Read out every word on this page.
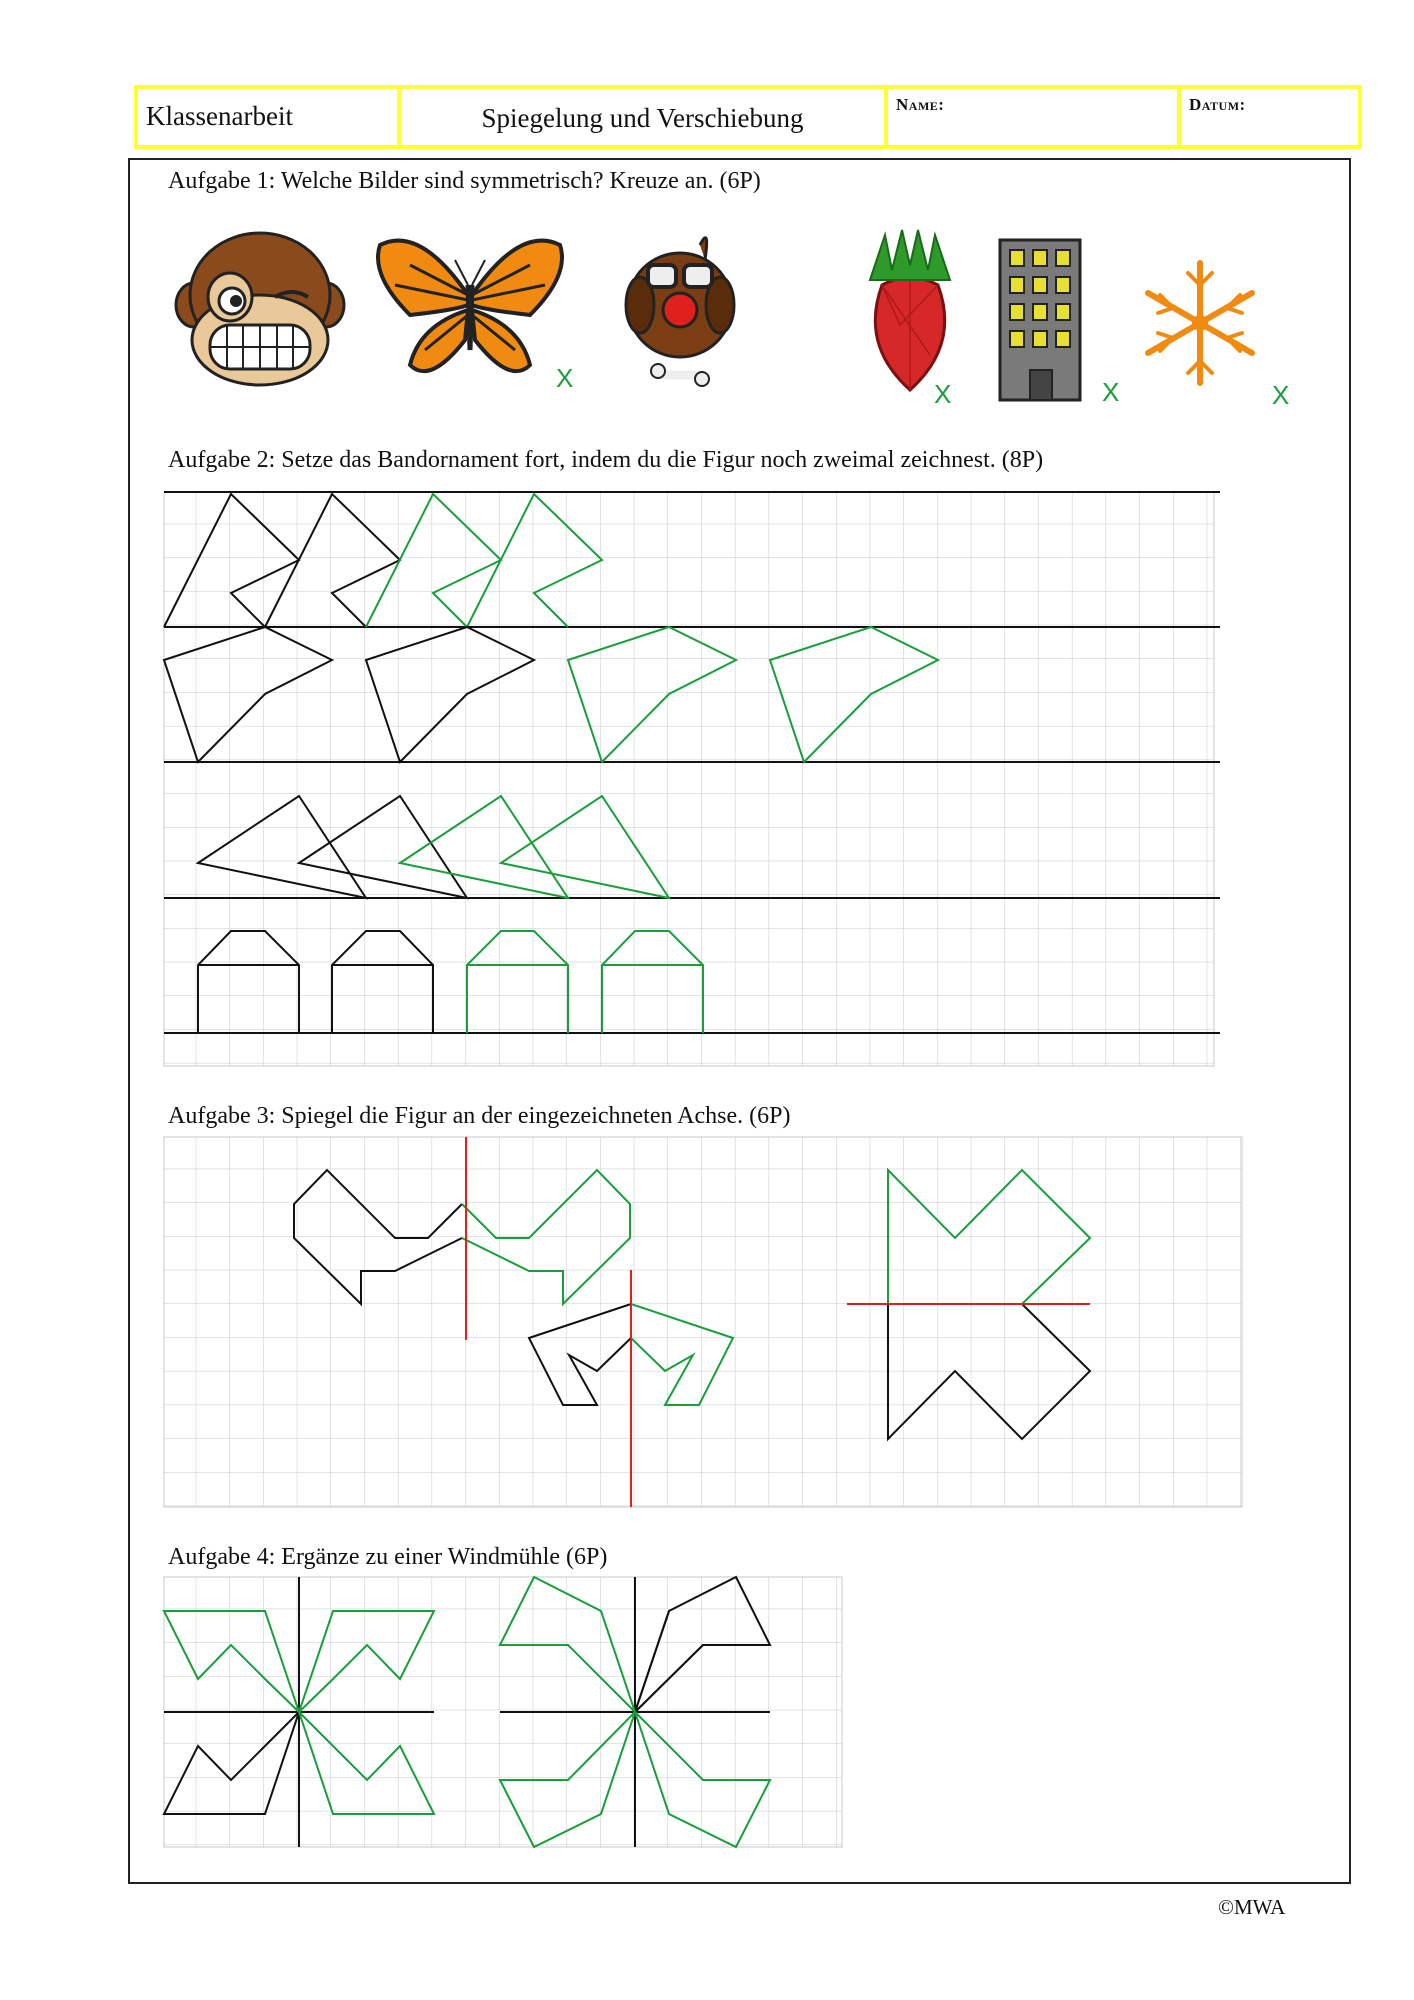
Klassenarbeit	Spiegelung und Verschiebung	Name:	Datum:
Aufgabe 1: Welche Bilder sind symmetrisch? Kreuze an. (6P)
X
X	X	X
Aufgabe 2: Setze das Bandornament fort, indem du die Figur noch zweimal zeichnest. (8P)
Aufgabe 3: Spiegel die Figur an der eingezeichneten Achse. (6P)
Aufgabe 4: Ergänze zu einer Windmühle (6P)
©MWA
